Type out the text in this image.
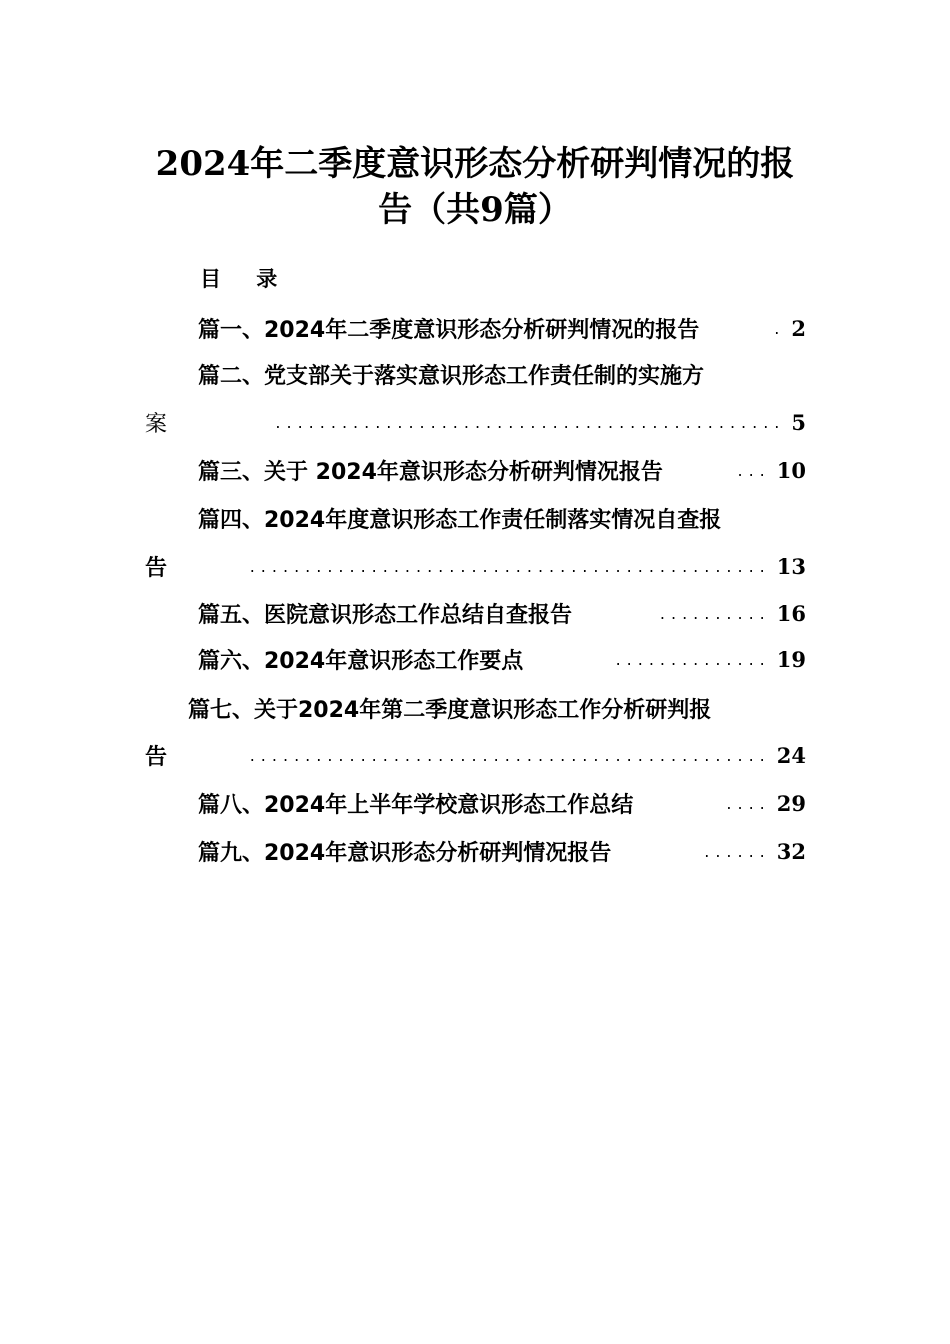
2024年二季度意识形态分析研判情况的报
告（共9篇）
目 录
篇一、2024年二季度意识形态分析研判情况的报告	. 2
篇二、党支部关于落实意识形态工作责任制的实施方
案	.............................................. 5
篇三、关于 2024年意识形态分析研判情况报告	... 10
篇四、2024年度意识形态工作责任制落实情况自查报
告	............................................... 13
篇五、医院意识形态工作总结自查报告	.......... 16
篇六、2024年意识形态工作要点	.............. 19
篇七、关于2024年第二季度意识形态工作分析研判报
告	............................................... 24
篇八、2024年上半年学校意识形态工作总结	.... 29
篇九、2024年意识形态分析研判情况报告	...... 32
